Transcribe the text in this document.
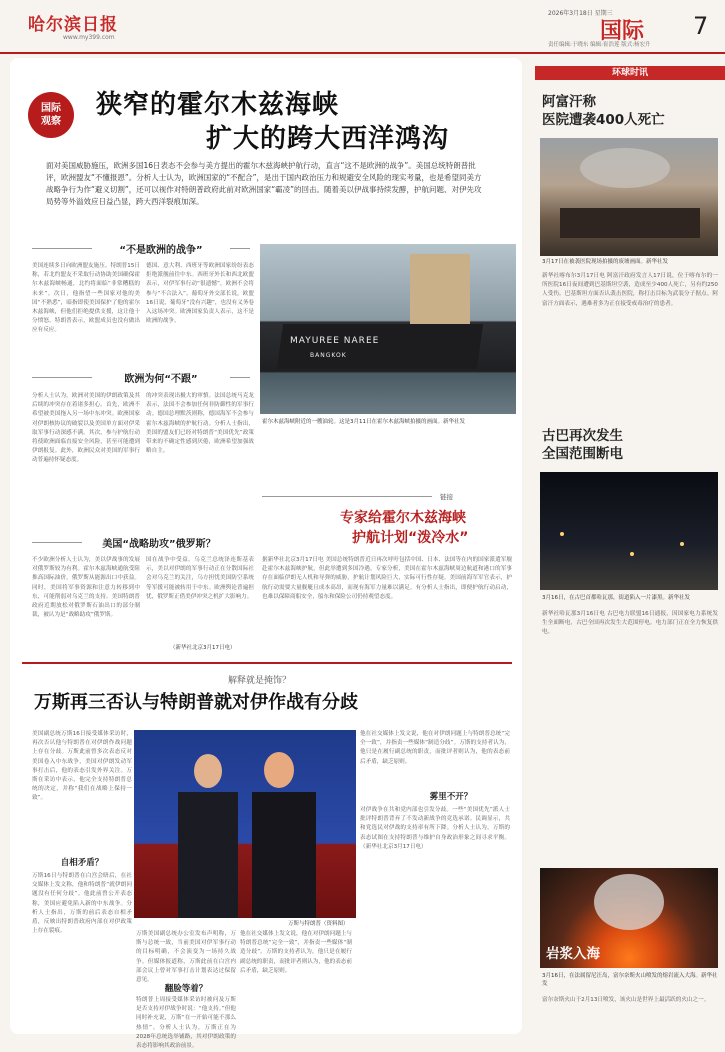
哈尔滨日报
www.my399.com
2026年3月18日 星期三
责任编辑:于晓东 编辑:崔浩莲 版式:杨宏升
国际 7
国际
观察
狭窄的霍尔木兹海峡
扩大的跨大西洋鸿沟
面对美国威胁施压，欧洲多国16日表态不会参与美方提出的霍尔木兹海峡护航行动，直言“这不是欧洲的战争”。美国总统特朗普批评，欧洲盟友“不懂报恩”。分析人士认为，欧洲国家的“不配合”，是出于国内政治压力和规避安全风险的现实考量，也是希望同美方战略争行为作“避义切割”，还可以视作对特朗普政府此前对欧洲国家“霸凌”的回击。随着美以伊战事持续发酵，护航问题、对伊先攻局势等外溢效应日益凸显，跨大西洋裂痕加深。
“不是欧洲的战争”
美国连续多日向欧洲盟友施压。特朗普15日称，若北约盟友不采取行动协助美国确保霍尔木兹海峡畅通，北约将面临“非常糟糕的未来”。次日，他指望一些国家对他的美国“不熟悉”，暗指即使美国保护了他的霍尔木兹海峡，但他们拒绝提供支援，这让他十分愤怒。特朗普表示，欧盟成员也没有做出应有反应。
德国、意大利、西班牙等欧洲国家纷纷表态拒绝派舰前往中东。西班牙外长和西北欧盟表示，对伊军事行动“很遗憾”，欧洲不会将参与“不合法入”。葡萄牙外交部长说，欧盟16日说，葡萄牙“没有兴趣”，也没有义务卷入这场冲突。欧洲国家负责人表示，这不是欧洲的战争。
MAYUREE NAREE
BANGKOK
霍尔木兹海峡附近的一艘油轮。这是3月11日在霍尔木兹海峡拍摄的画面。新华社发
欧洲为何“不跟”
分析人士认为，欧洲对美国的伊朗政策及其后续的冲突存在着诸多担心。首先，欧洲不希望被美国拖入另一场中东冲突。欧洲国家对伊朗核协议的破裂以及美国单方面对伊采取军事行动深感不满。其次，参与护航行动将使欧洲面临直接安全风险，甚至可能遭到伊朗报复。此外，欧洲民众对美国的军事行动普遍持怀疑态度。
的冲突表现出极大的审慎。法国总统马克龙表示，法国不会参加任何非防御性的军事行动。德国总理默茨则称，德国海军不会参与霍尔木兹海峡的护航行动。分析人士指出，美国的盟友们已经对特朗普“美国优先”政策带来的不确定性感到厌倦，欧洲希望加强战略自主。
链接
专家给霍尔木兹海峡
护航计划“泼冷水”
据新华社北京3月17日电 美国总统特朗普近日再次呼吁包括中国、日本、法国等在内的国家派遣军舰赴霍尔木兹海峡护航，但此举遭到多国冷遇。专家分析，美国在霍尔木兹海峡周边航道和港口的军事存在面临伊朗无人机和导弹的威胁，护航计划风险巨大，实际可行性存疑。美国前海军军官表示，护航行动需要大量舰艇且成本高昂，而现有海军力量难以满足。有分析人士指出，即便护航行动启动，也难以保障商船安全，船东和保险公司仍持观望态度。
美国“战略助攻”俄罗斯？
不少欧洲分析人士认为，美以伊战事的发展对俄罗斯较为有利。霍尔木兹海峡通航受阻推高国际油价，俄罗斯从能源出口中获益。同时，美国将军事资源和注意力转移到中东，可能削弱对乌克兰的支持。美国特朗普政府近期放松对俄罗斯石油出口的部分制裁，被认为是“战略助攻”俄罗斯。
国在战争中受益。乌克兰总统泽连斯基表示，美以对伊朗的军事行动正在分散国际社会对乌克兰的关注，乌方担忧美国防空系统等军援可能被转用于中东。欧洲舆论普遍担忧，俄罗斯正借美伊冲突之机扩大影响力。
（新华社北京3月17日电）
解释就是掩饰？
万斯再三否认与特朗普就对伊作战有分歧
美国副总统万斯16日接受媒体采访时，再次否认他与特朗普在对伊朗作战问题上存在分歧。万斯此前曾多次表态反对美国卷入中东战争，美国对伊朗发动军事打击后，他的表态引发外界关注。万斯在采访中表示，他完全支持特朗普总统的决定，并称“我们在战略上保持一致”。
自相矛盾？
万斯16日与特朗普在白宫会晤后，在社交媒体上发文称，他和特朗普“就伊朗问题没有任何分歧”。他此前曾公开表态称，美国应避免陷入新的中东战争。分析人士指出，万斯的前后表态自相矛盾，反映出特朗普政府内部在对伊政策上存在裂痕。	万斯美国副总统办公室发布声明称，万斯与总统一致，当前美国对伊军事行动的目标明确，不会演变为一场持久战争。但媒体报道称，万斯此前在白宫内部会议上曾对军事打击计划表达过保留意见。
翻脸等着？
特朗普上周接受媒体采访时被问及万斯是否支持对伊战争时说：“他支持。”但他同时补充说，万斯“在一开始可能不那么热情”。分析人士认为，万斯正在为2028年总统选举铺路，其对伊朗政策的表态将影响其政治前景。
万斯与特朗普（资料图）
他在社交媒体上发文说，他在对伊朗问题上与特朗普总统“完全一致”，并指责一些媒体“制造分歧”。万斯的支持者认为，他只是在履行副总统的职责，而批评者则认为，他的表态前后矛盾，缺乏原则。
雾里不开？
他在社交媒体上发文说，他在对伊朗问题上与特朗普总统“完全一致”，并指责一些媒体“制造分歧”。万斯的支持者认为，他只是在履行副总统的职责，而批评者则认为，他的表态前后矛盾，缺乏原则。
对伊战争在共和党内部也引发分歧。一些“美国优先”派人士批评特朗普背弃了不发动新战争的竞选承诺。民调显示，共和党选民对伊战的支持率有所下降。分析人士认为，万斯的表态试图在支持特朗普与维护自身政治形象之间寻求平衡。（新华社北京3月17日电）
环球时讯
阿富汗称
医院遭袭400人死亡
3月17日在被袭医院现场拍摄的废墟画面。新华社发
新华社喀布尔3月17日电 阿富汗政府发言人17日说，位于喀布尔的一所医院16日夜间遭到巴基斯坦空袭，造成至少400人死亡，另有约250人受伤。巴基斯坦方面否认袭击医院，称打击目标为武装分子据点。阿富汗方面表示，遇难者多为正在接受戒毒治疗的患者。
古巴再次发生
全国范围断电
3月16日，在古巴首都哈瓦那，街道陷入一片漆黑。新华社发
新华社哈瓦那3月16日电 古巴电力联盟16日通报，因国家电力系统发生全面断电，古巴全国再次发生大范围停电。电力部门正在全力恢复供电。
岩浆入海
3月16日，在法属留尼汪岛，富尔奈斯火山喷发的熔岩流入大海。新华社发
富尔奈斯火山于2月13日喷发，该火山是世界上最活跃的火山之一。
